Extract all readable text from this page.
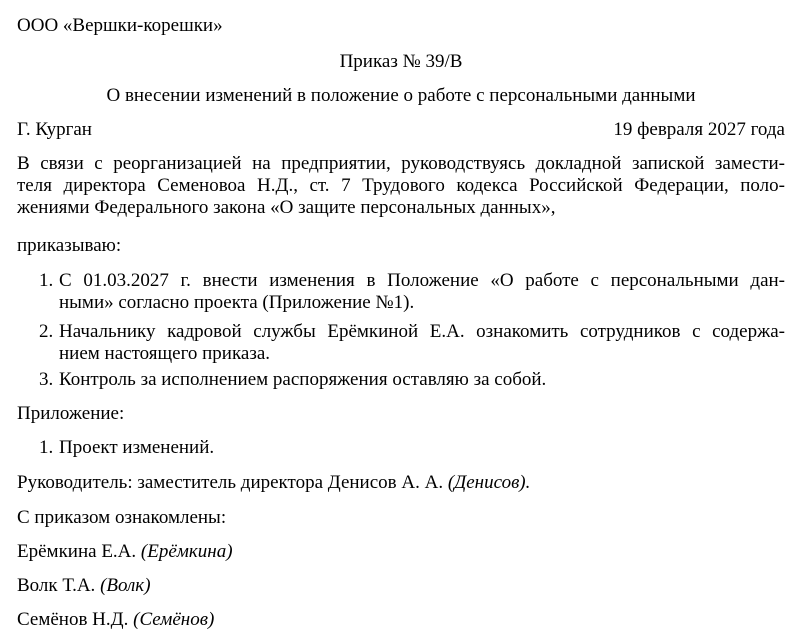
ООО «Вершки-корешки»
Приказ № 39/В
О внесении изменений в положение о работе с персональными данными
Г. Курган	19 февраля 2027 года
В связи с реорганизацией на предприятии, руководствуясь докладной запиской замести-
теля директора Семеновоа Н.Д., ст. 7 Трудового кодекса Российской Федерации, поло-
жениями Федерального закона «О защите персональных данных»,
приказываю:
1. С 01.03.2027 г. внести изменения в Положение «О работе с персональными дан-
ными» согласно проекта (Приложение №1).
2. Начальнику кадровой службы Ерёмкиной Е.А. ознакомить сотрудников с содержа-
нием настоящего приказа.
3. Контроль за исполнением распоряжения оставляю за собой.
Приложение:
1. Проект изменений.
Руководитель: заместитель директора Денисов А. А. (Денисов).
С приказом ознакомлены:
Ерёмкина Е.А. (Ерёмкина)
Волк Т.А. (Волк)
Семёнов Н.Д. (Семёнов)
